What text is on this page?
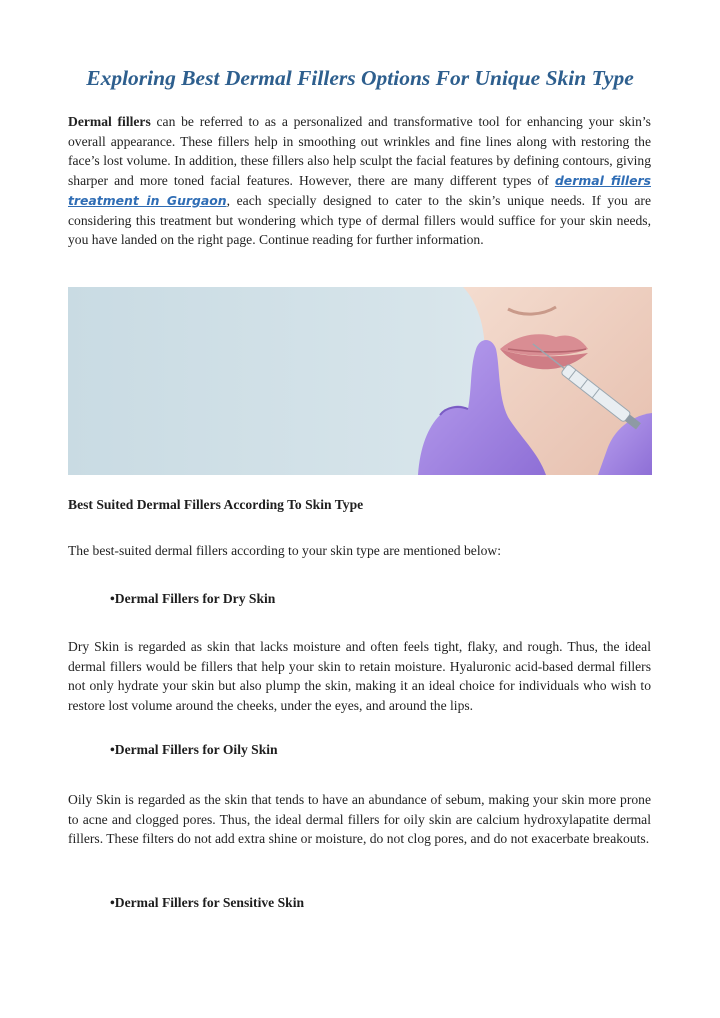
Exploring Best Dermal Fillers Options For Unique Skin Type

Dermal fillers can be referred to as a personalized and transformative tool for enhancing your skin’s overall appearance. These fillers help in smoothing out wrinkles and fine lines along with restoring the face’s lost volume. In addition, these fillers also help sculpt the facial features by defining contours, giving sharper and more toned facial features. However, there are many different types of dermal fillers treatment in Gurgaon, each specially designed to cater to the skin’s unique needs. If you are considering this treatment but wondering which type of dermal fillers would suffice for your skin needs, you have landed on the right page. Continue reading for further information.

Best Suited Dermal Fillers According To Skin Type

The best-suited dermal fillers according to your skin type are mentioned below:

•Dermal Fillers for Dry Skin

Dry Skin is regarded as skin that lacks moisture and often feels tight, flaky, and rough. Thus, the ideal dermal fillers would be fillers that help your skin to retain moisture. Hyaluronic acid-based dermal fillers not only hydrate your skin but also plump the skin, making it an ideal choice for individuals who wish to restore lost volume around the cheeks, under the eyes, and around the lips.

•Dermal Fillers for Oily Skin

Oily Skin is regarded as the skin that tends to have an abundance of sebum, making your skin more prone to acne and clogged pores. Thus, the ideal dermal fillers for oily skin are calcium hydroxylapatite dermal fillers. These filters do not add extra shine or moisture, do not clog pores, and do not exacerbate breakouts.

•Dermal Fillers for Sensitive Skin
